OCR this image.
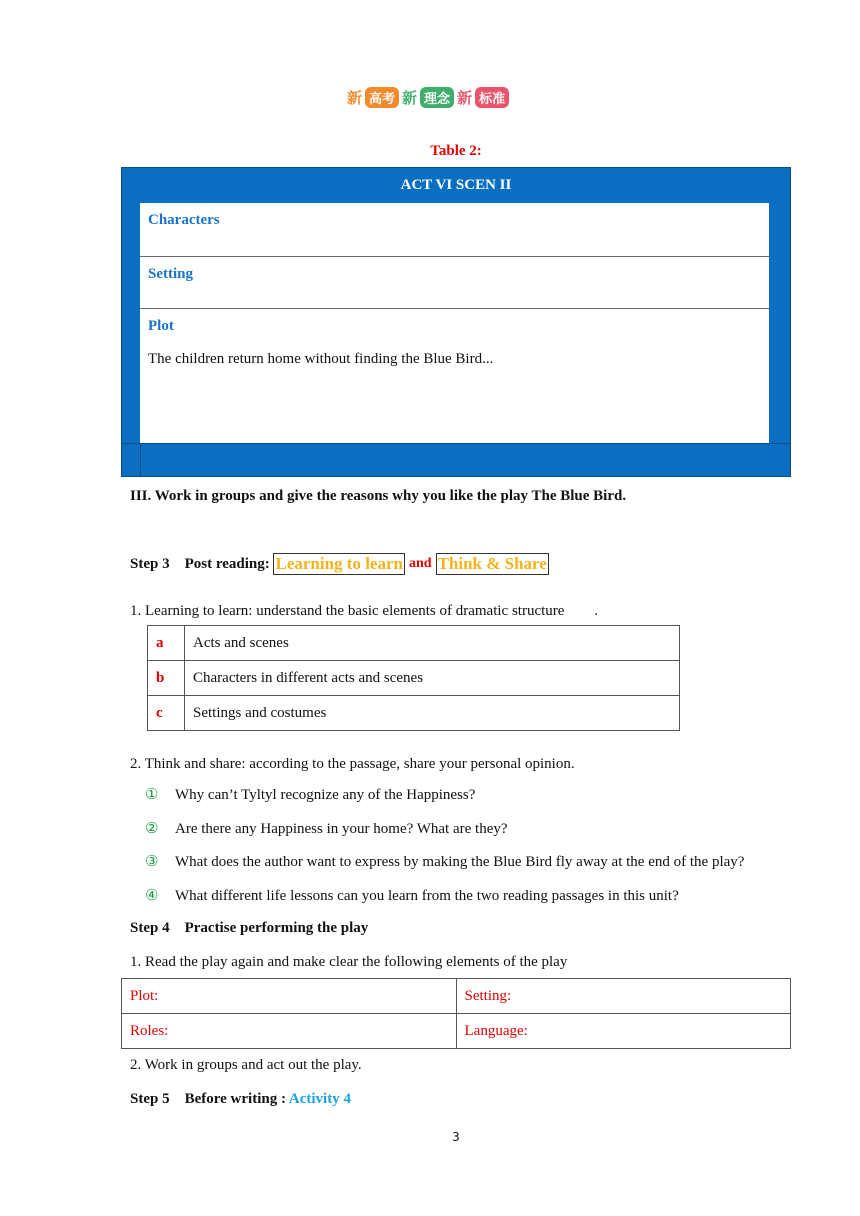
新 高考 新 理念 新 标准
Table 2:
ACT VI SCEN II
Characters
Setting
Plot
The children return home without finding the Blue Bird...
III. Work in groups and give the reasons why you like the play The Blue Bird.
Step 3    Post reading: Learning to learn and Think & Share
1. Learning to learn: understand the basic elements of dramatic structure        .
a	Acts and scenes
b	Characters in different acts and scenes
c	Settings and costumes
2. Think and share: according to the passage, share your personal opinion.
① Why can’t Tyltyl recognize any of the Happiness?
② Are there any Happiness in your home? What are they?
③ What does the author want to express by making the Blue Bird fly away at the end of the play?
④ What different life lessons can you learn from the two reading passages in this unit?
Step 4    Practise performing the play
1. Read the play again and make clear the following elements of the play
Plot:	Setting:
Roles:	Language:
2. Work in groups and act out the play.
Step 5    Before writing : Activity 4
3
